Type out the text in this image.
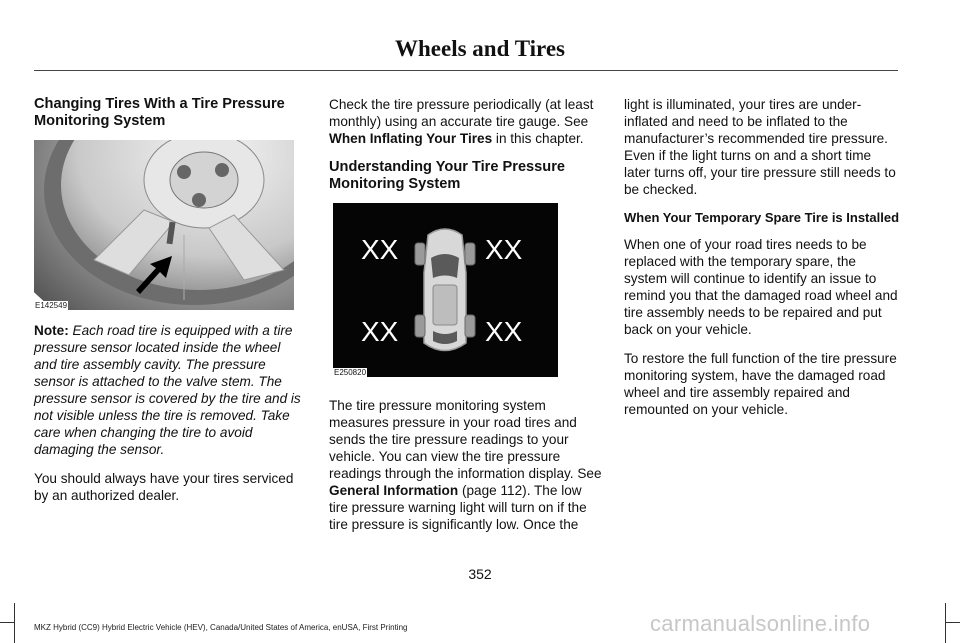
Wheels and Tires
Changing Tires With a Tire Pressure Monitoring System
E142549

Note: Each road tire is equipped with a tire pressure sensor located inside the wheel and tire assembly cavity. The pressure sensor is attached to the valve stem. The pressure sensor is covered by the tire and is not visible unless the tire is removed. Take care when changing the tire to avoid damaging the sensor.

You should always have your tires serviced by an authorized dealer.

Check the tire pressure periodically (at least monthly) using an accurate tire gauge. See When Inflating Your Tires in this chapter.

Understanding Your Tire Pressure Monitoring System
XX	XX
XX	XX
E250820

The tire pressure monitoring system measures pressure in your road tires and sends the tire pressure readings to your vehicle. You can view the tire pressure readings through the information display. See General Information (page 112). The low tire pressure warning light will turn on if the tire pressure is significantly low. Once the

light is illuminated, your tires are under-inflated and need to be inflated to the manufacturer’s recommended tire pressure. Even if the light turns on and a short time later turns off, your tire pressure still needs to be checked.

When Your Temporary Spare Tire is Installed

When one of your road tires needs to be replaced with the temporary spare, the system will continue to identify an issue to remind you that the damaged road wheel and tire assembly needs to be repaired and put back on your vehicle.

To restore the full function of the tire pressure monitoring system, have the damaged road wheel and tire assembly repaired and remounted on your vehicle.

352
MKZ Hybrid (CC9) Hybrid Electric Vehicle (HEV), Canada/United States of America, enUSA, First Printing	carmanualsonline.info
